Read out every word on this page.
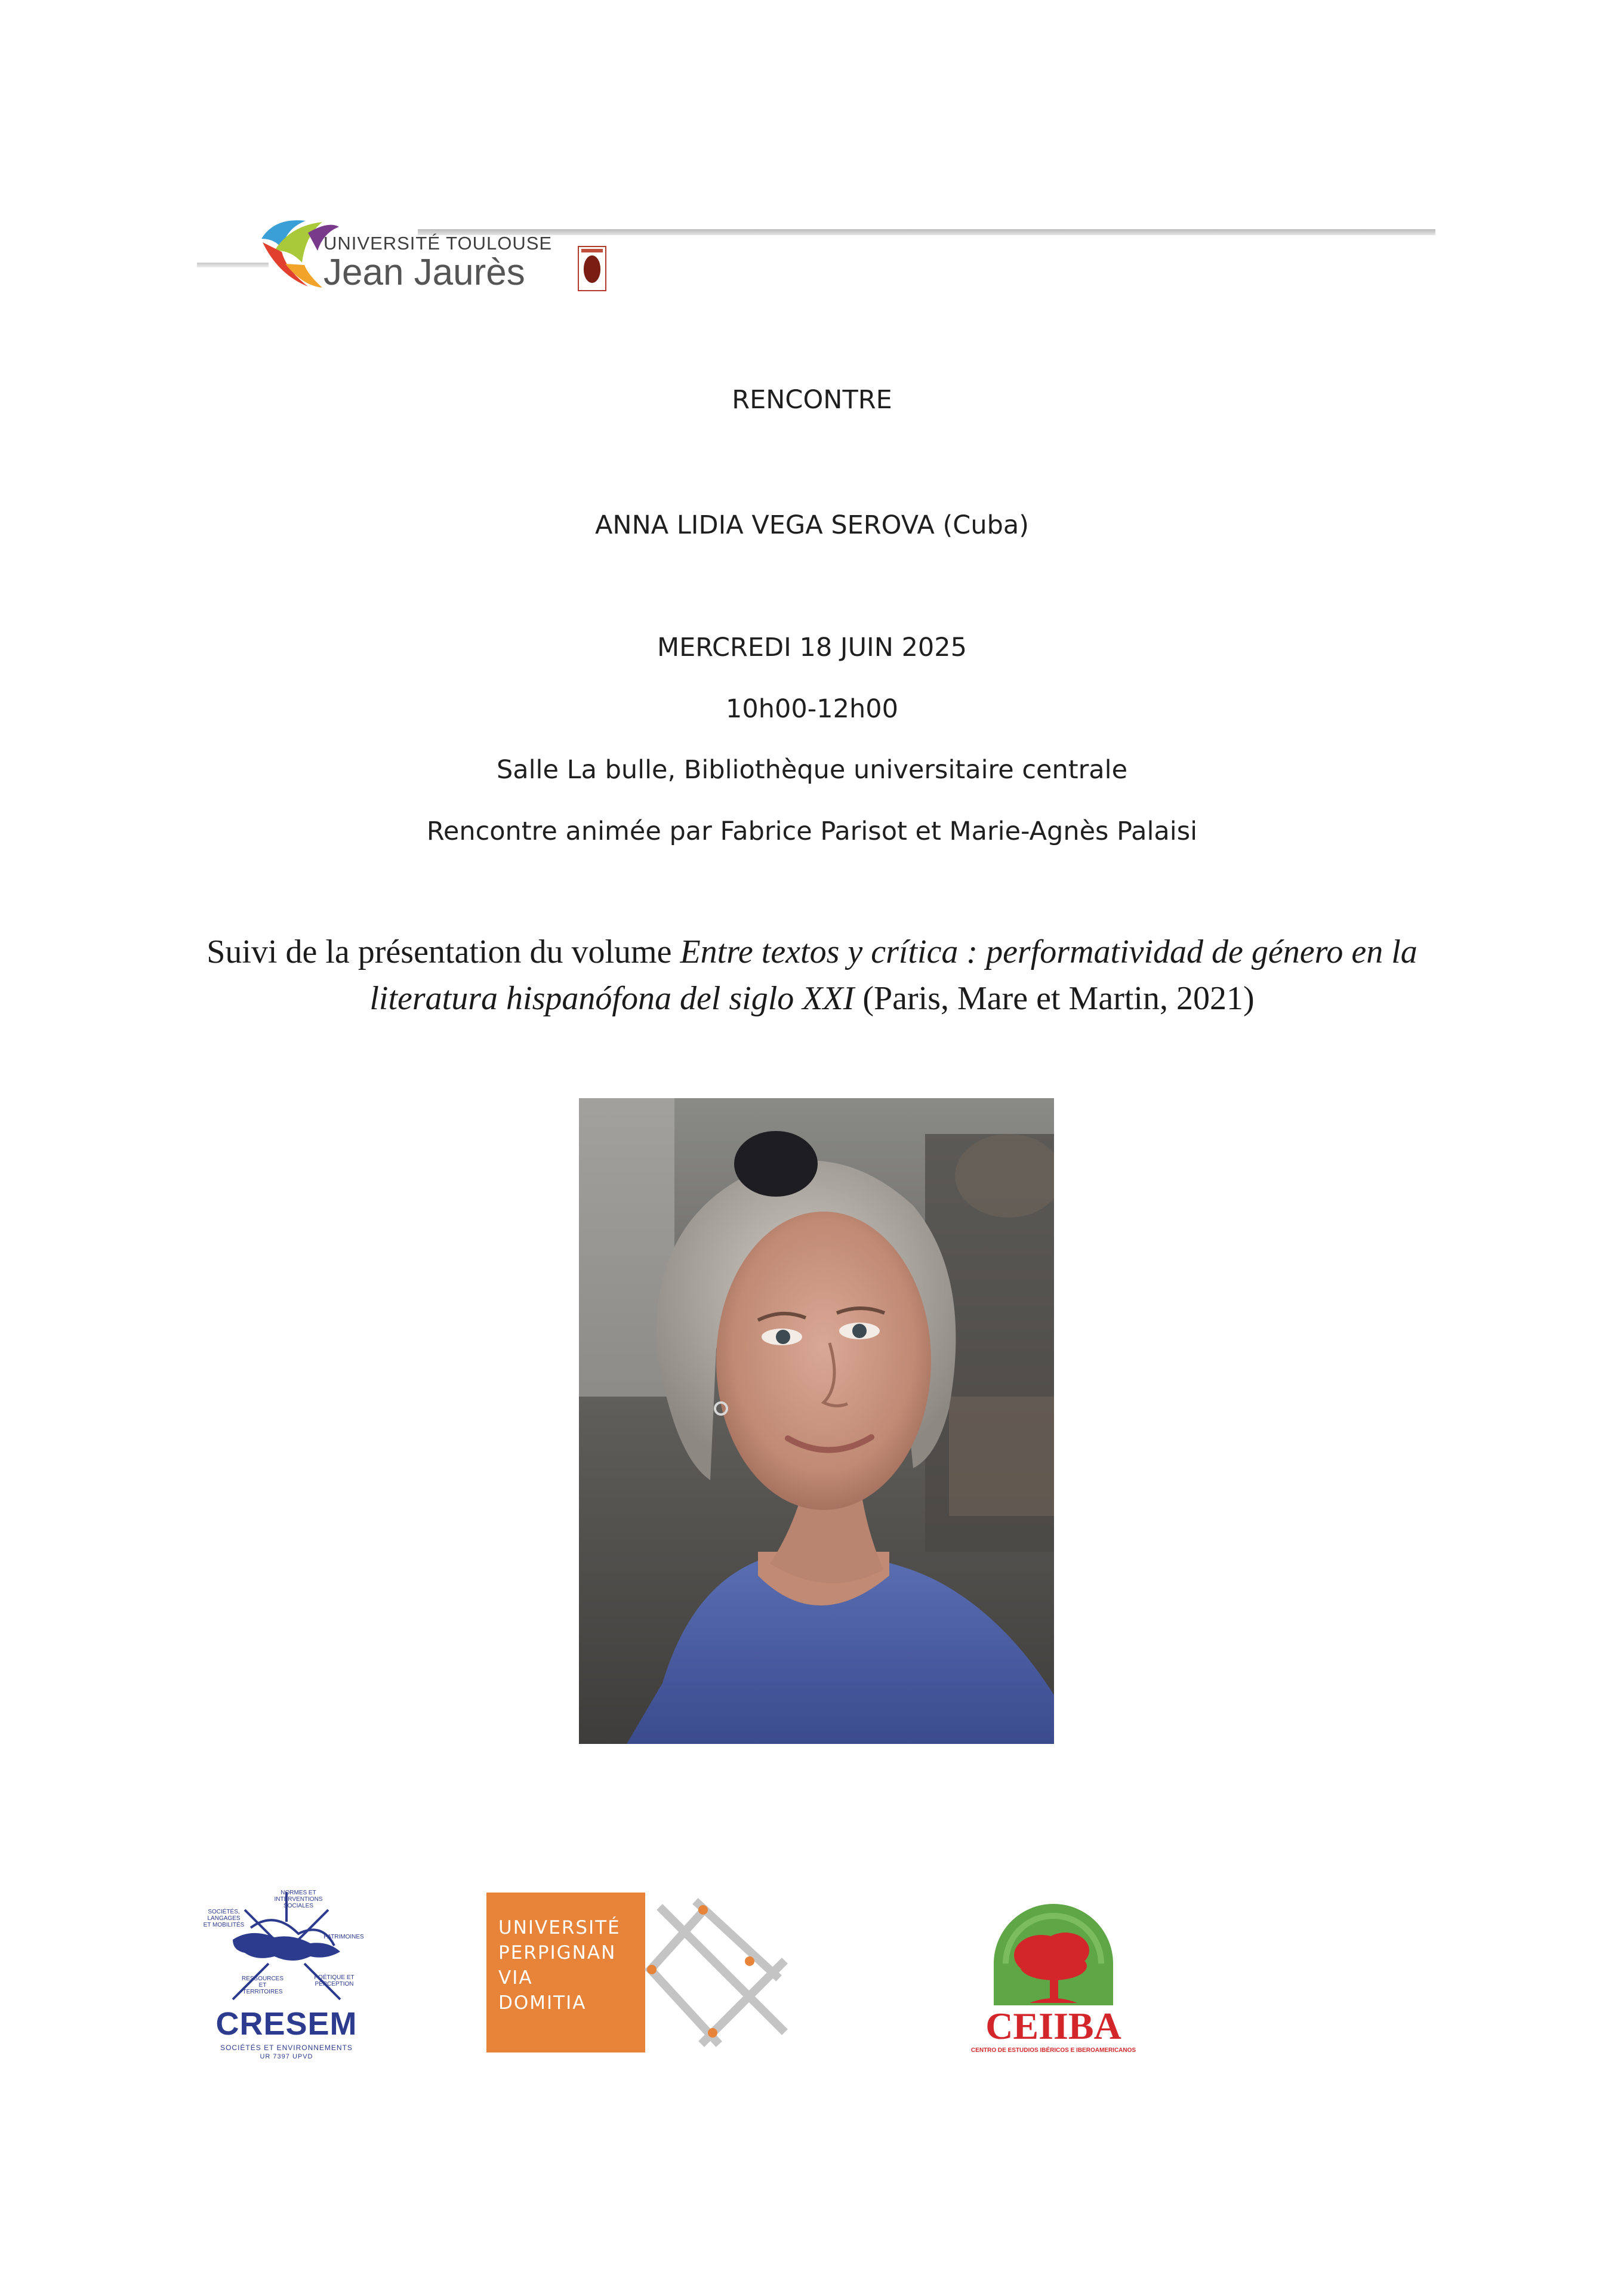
UNIVERSITÉ TOULOUSE
Jean Jaurès
RENCONTRE
ANNA LIDIA VEGA SEROVA (Cuba)
MERCREDI 18 JUIN 2025
10h00-12h00
Salle La bulle, Bibliothèque universitaire centrale
Rencontre animée par Fabrice Parisot et Marie-Agnès Palaisi
Suivi de la présentation du volume Entre textos y crítica : performatividad de género en la literatura hispanófona del siglo XXI (Paris, Mare et Martin, 2021)
SOCIÉTÉS, LANGAGES ET MOBILITÉS
NORMES ET INTERVENTIONS SOCIALES
PATRIMOINES
RESSOURCES ET TERRITOIRES
POÉTIQUE ET PERCEPTION
CRESEM
SOCIÉTÉS ET ENVIRONNEMENTS
UR 7397 UPVD
UNIVERSITÉ
PERPIGNAN
VIA
DOMITIA
CEIIBA
CENTRO DE ESTUDIOS IBÉRICOS E IBEROAMERICANOS
